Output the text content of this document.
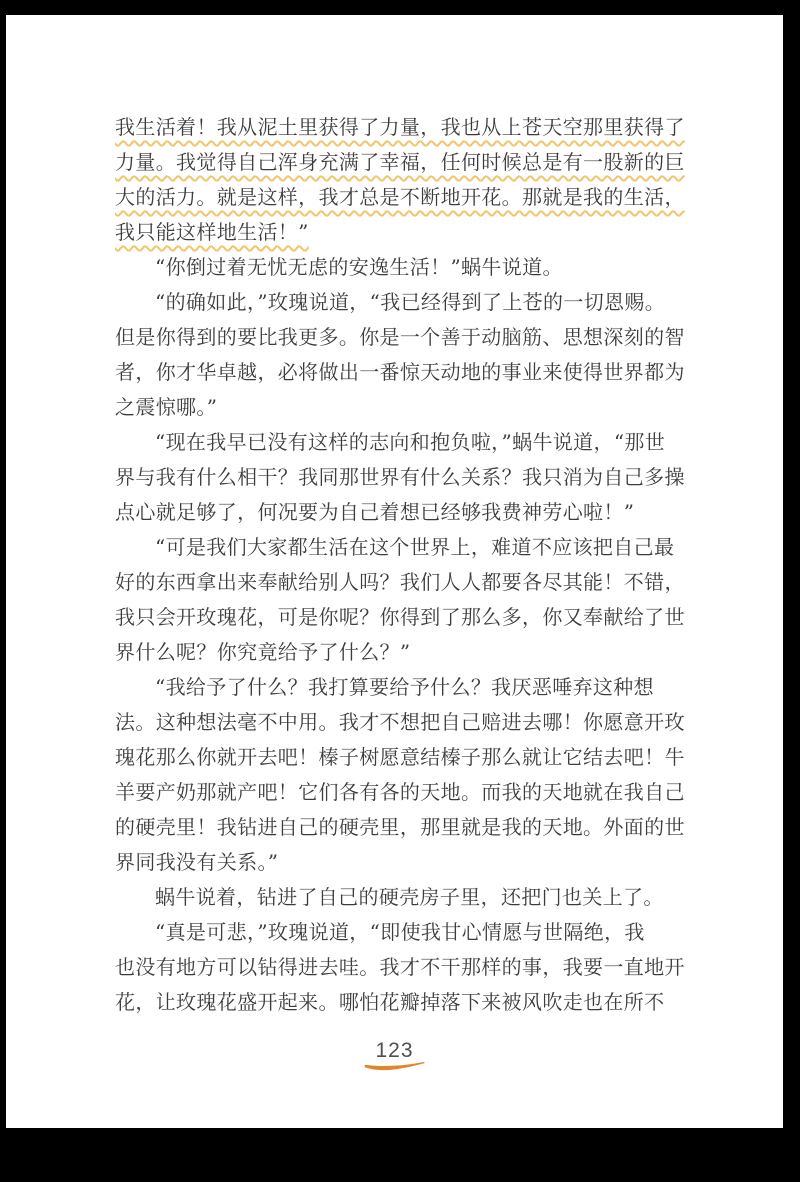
我生活着！我从泥土里获得了力量，我也从上苍天空那里获得了
力量。我觉得自己浑身充满了幸福，任何时候总是有一股新的巨
大的活力。就是这样，我才总是不断地开花。那就是我的生活，
我只能这样地生活！”
“你倒过着无忧无虑的安逸生活！”蜗牛说道。
“的确如此，”玫瑰说道，“我已经得到了上苍的一切恩赐。
但是你得到的要比我更多。你是一个善于动脑筋、思想深刻的智
者，你才华卓越，必将做出一番惊天动地的事业来使得世界都为
之震惊哪。”
“现在我早已没有这样的志向和抱负啦，”蜗牛说道，“那世
界与我有什么相干？我同那世界有什么关系？我只消为自己多操
点心就足够了，何况要为自己着想已经够我费神劳心啦！”
“可是我们大家都生活在这个世界上，难道不应该把自己最
好的东西拿出来奉献给别人吗？我们人人都要各尽其能！不错，
我只会开玫瑰花，可是你呢？你得到了那么多，你又奉献给了世
界什么呢？你究竟给予了什么？”
“我给予了什么？我打算要给予什么？我厌恶唾弃这种想
法。这种想法毫不中用。我才不想把自己赔进去哪！你愿意开玫
瑰花那么你就开去吧！榛子树愿意结榛子那么就让它结去吧！牛
羊要产奶那就产吧！它们各有各的天地。而我的天地就在我自己
的硬壳里！我钻进自己的硬壳里，那里就是我的天地。外面的世
界同我没有关系。”
蜗牛说着，钻进了自己的硬壳房子里，还把门也关上了。
“真是可悲，”玫瑰说道，“即使我甘心情愿与世隔绝，我
也没有地方可以钻得进去哇。我才不干那样的事，我要一直地开
花，让玫瑰花盛开起来。哪怕花瓣掉落下来被风吹走也在所不
123
